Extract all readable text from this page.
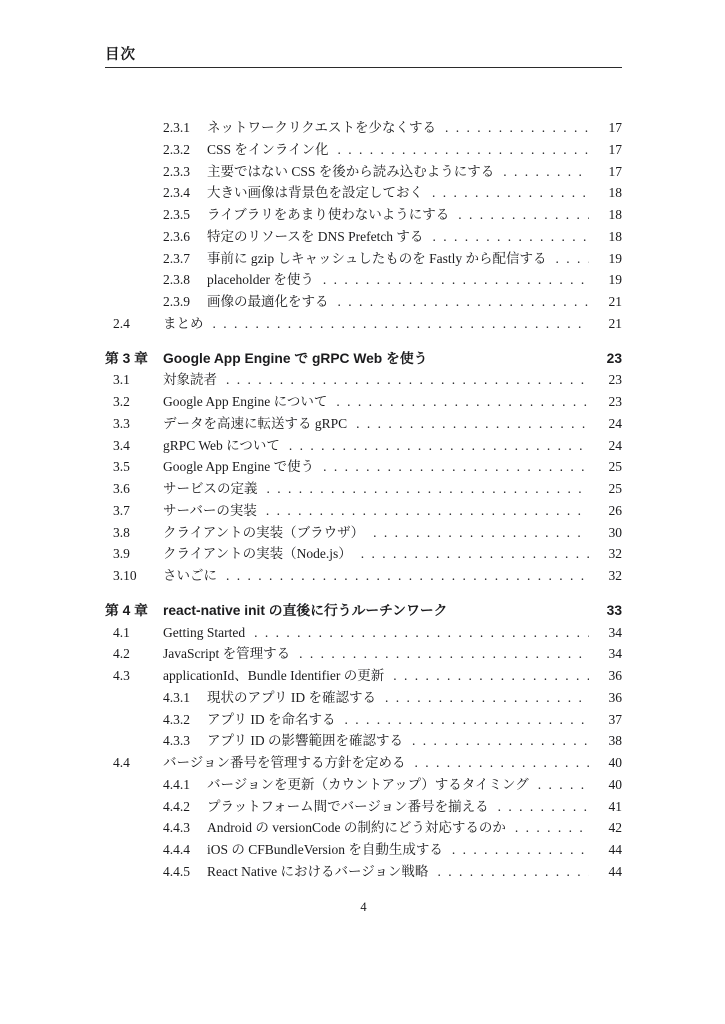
目次
2.3.1	ネットワークリクエストを少なくする . . .	17
2.3.2	CSS をインライン化 . . .	17
2.3.3	主要ではない CSS を後から読み込むようにする . . .	17
2.3.4	大きい画像は背景色を設定しておく . . .	18
2.3.5	ライブラリをあまり使わないようにする . . .	18
2.3.6	特定のリソースを DNS Prefetch する . . .	18
2.3.7	事前に gzip しキャッシュしたものを Fastly から配信する . . .	19
2.3.8	placeholder を使う . . .	19
2.3.9	画像の最適化をする . . .	21
2.4	まとめ . . .	21
第 3 章	Google App Engine で gRPC Web を使う	23
3.1	対象読者 . . .	23
3.2	Google App Engine について . . .	23
3.3	データを高速に転送する gRPC . . .	24
3.4	gRPC Web について . . .	24
3.5	Google App Engine で使う . . .	25
3.6	サービスの定義 . . .	25
3.7	サーバーの実装 . . .	26
3.8	クライアントの実装（ブラウザ） . . .	30
3.9	クライアントの実装（Node.js） . . .	32
3.10	さいごに . . .	32
第 4 章	react-native init の直後に行うルーチンワーク	33
4.1	Getting Started . . .	34
4.2	JavaScript を管理する . . .	34
4.3	applicationId、Bundle Identifier の更新 . . .	36
4.3.1	現状のアプリ ID を確認する . . .	36
4.3.2	アプリ ID を命名する . . .	37
4.3.3	アプリ ID の影響範囲を確認する . . .	38
4.4	バージョン番号を管理する方針を定める . . .	40
4.4.1	バージョンを更新（カウントアップ）するタイミング . . .	40
4.4.2	プラットフォーム間でバージョン番号を揃える . . .	41
4.4.3	Android の versionCode の制約にどう対応するのか . . .	42
4.4.4	iOS の CFBundleVersion を自動生成する . . .	44
4.4.5	React Native におけるバージョン戦略 . . .	44
4
